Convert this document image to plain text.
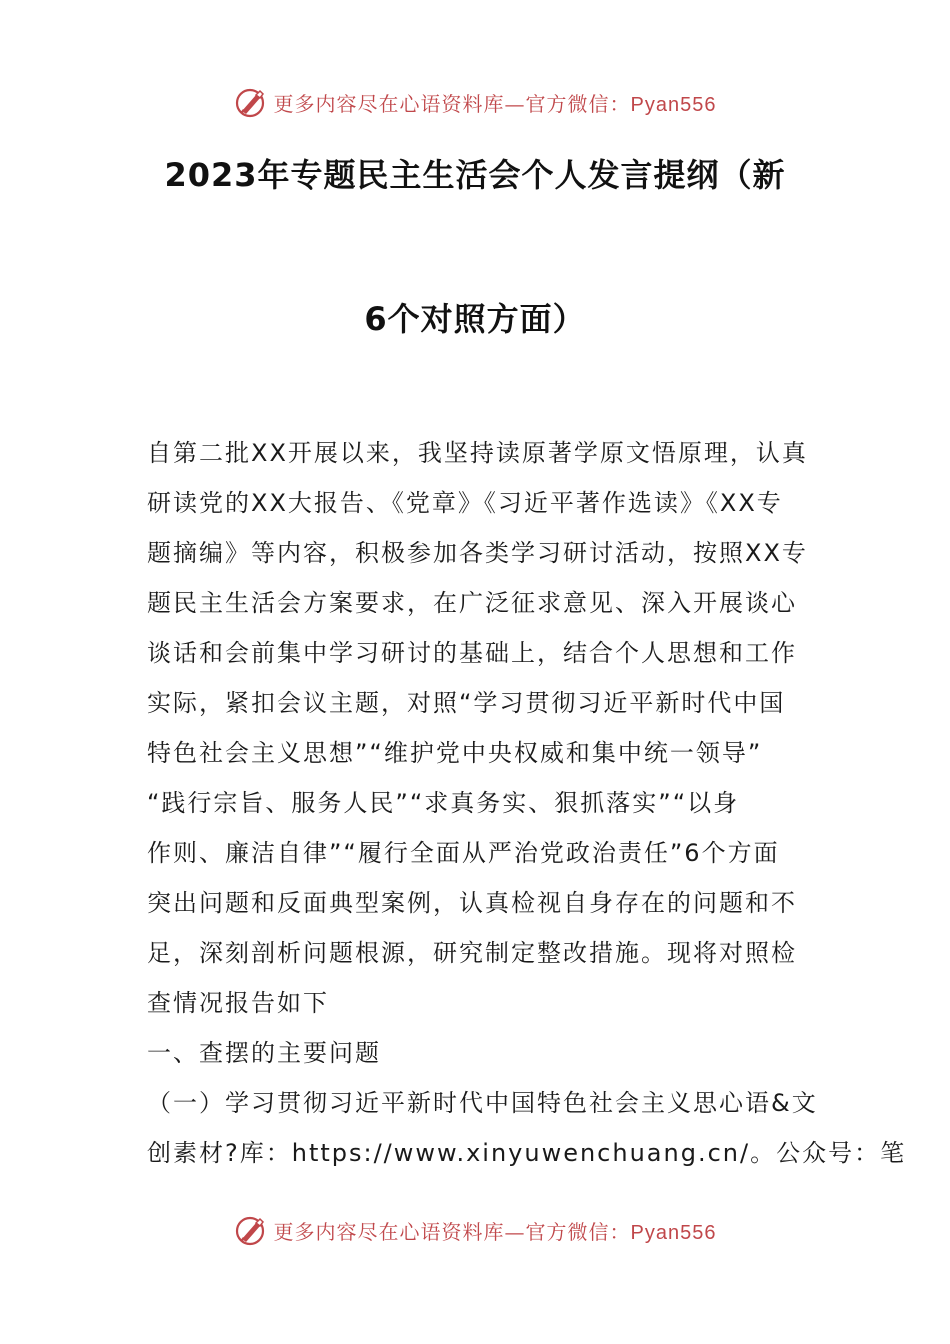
更多内容尽在心语资料库—官方微信：Pyan556
2023年专题民主生活会个人发言提纲（新
6个对照方面）
自第二批XX开展以来，我坚持读原著学原文悟原理，认真
研读党的XX大报告、《党章》《习近平著作选读》《XX专
题摘编》等内容，积极参加各类学习研讨活动，按照XX专
题民主生活会方案要求，在广泛征求意见、深入开展谈心
谈话和会前集中学习研讨的基础上，结合个人思想和工作
实际，紧扣会议主题，对照“学习贯彻习近平新时代中国
特色社会主义思想”“维护党中央权威和集中统一领导”
“践行宗旨、服务人民”“求真务实、狠抓落实”“以身
作则、廉洁自律”“履行全面从严治党政治责任”6个方面
突出问题和反面典型案例，认真检视自身存在的问题和不
足，深刻剖析问题根源，研究制定整改措施。现将对照检
查情况报告如下
一、查摆的主要问题
（一）学习贯彻习近平新时代中国特色社会主义思心语&文
创素材?库：https://www.xinyuwenchuang.cn/。公众号：笔
更多内容尽在心语资料库—官方微信：Pyan556
